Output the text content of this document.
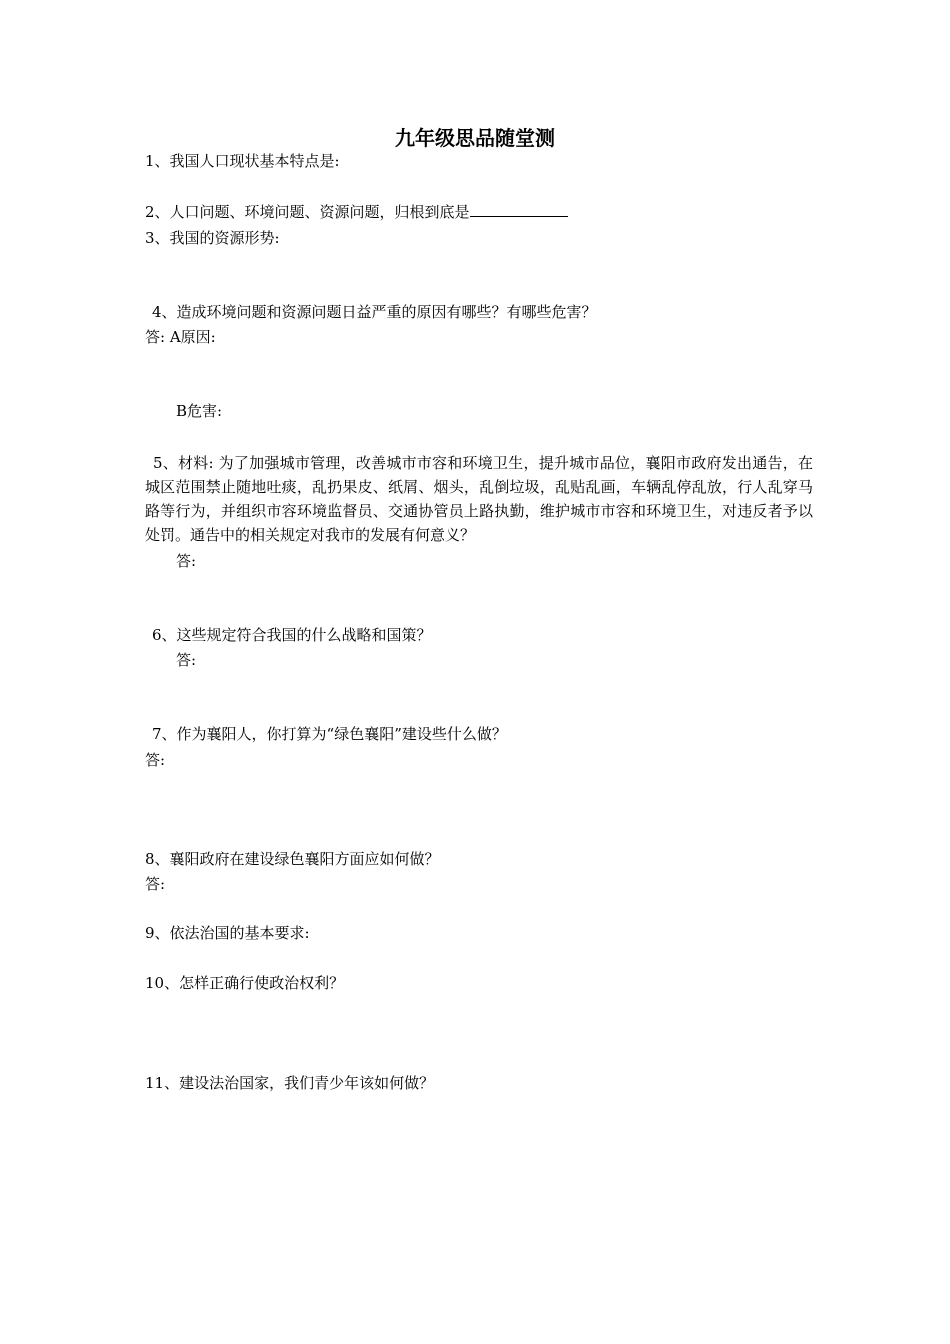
九年级思品随堂测
1、我国人口现状基本特点是:
2、人口问题、环境问题、资源问题，归根到底是
3、我国的资源形势:
4、造成环境问题和资源问题日益严重的原因有哪些？有哪些危害？
答: A原因:
B危害:
5、材料: 为了加强城市管理，改善城市市容和环境卫生，提升城市品位，襄阳市政府发出通告，在城区范围禁止随地吐痰，乱扔果皮、纸屑、烟头，乱倒垃圾，乱贴乱画，车辆乱停乱放，行人乱穿马路等行为，并组织市容环境监督员、交通协管员上路执勤，维护城市市容和环境卫生，对违反者予以处罚。通告中的相关规定对我市的发展有何意义？
答:
6、这些规定符合我国的什么战略和国策？
答:
7、作为襄阳人，你打算为“绿色襄阳”建设些什么做？
答:
8、襄阳政府在建设绿色襄阳方面应如何做？
答:
9、依法治国的基本要求:
10、怎样正确行使政治权利？
11、建设法治国家，我们青少年该如何做？
